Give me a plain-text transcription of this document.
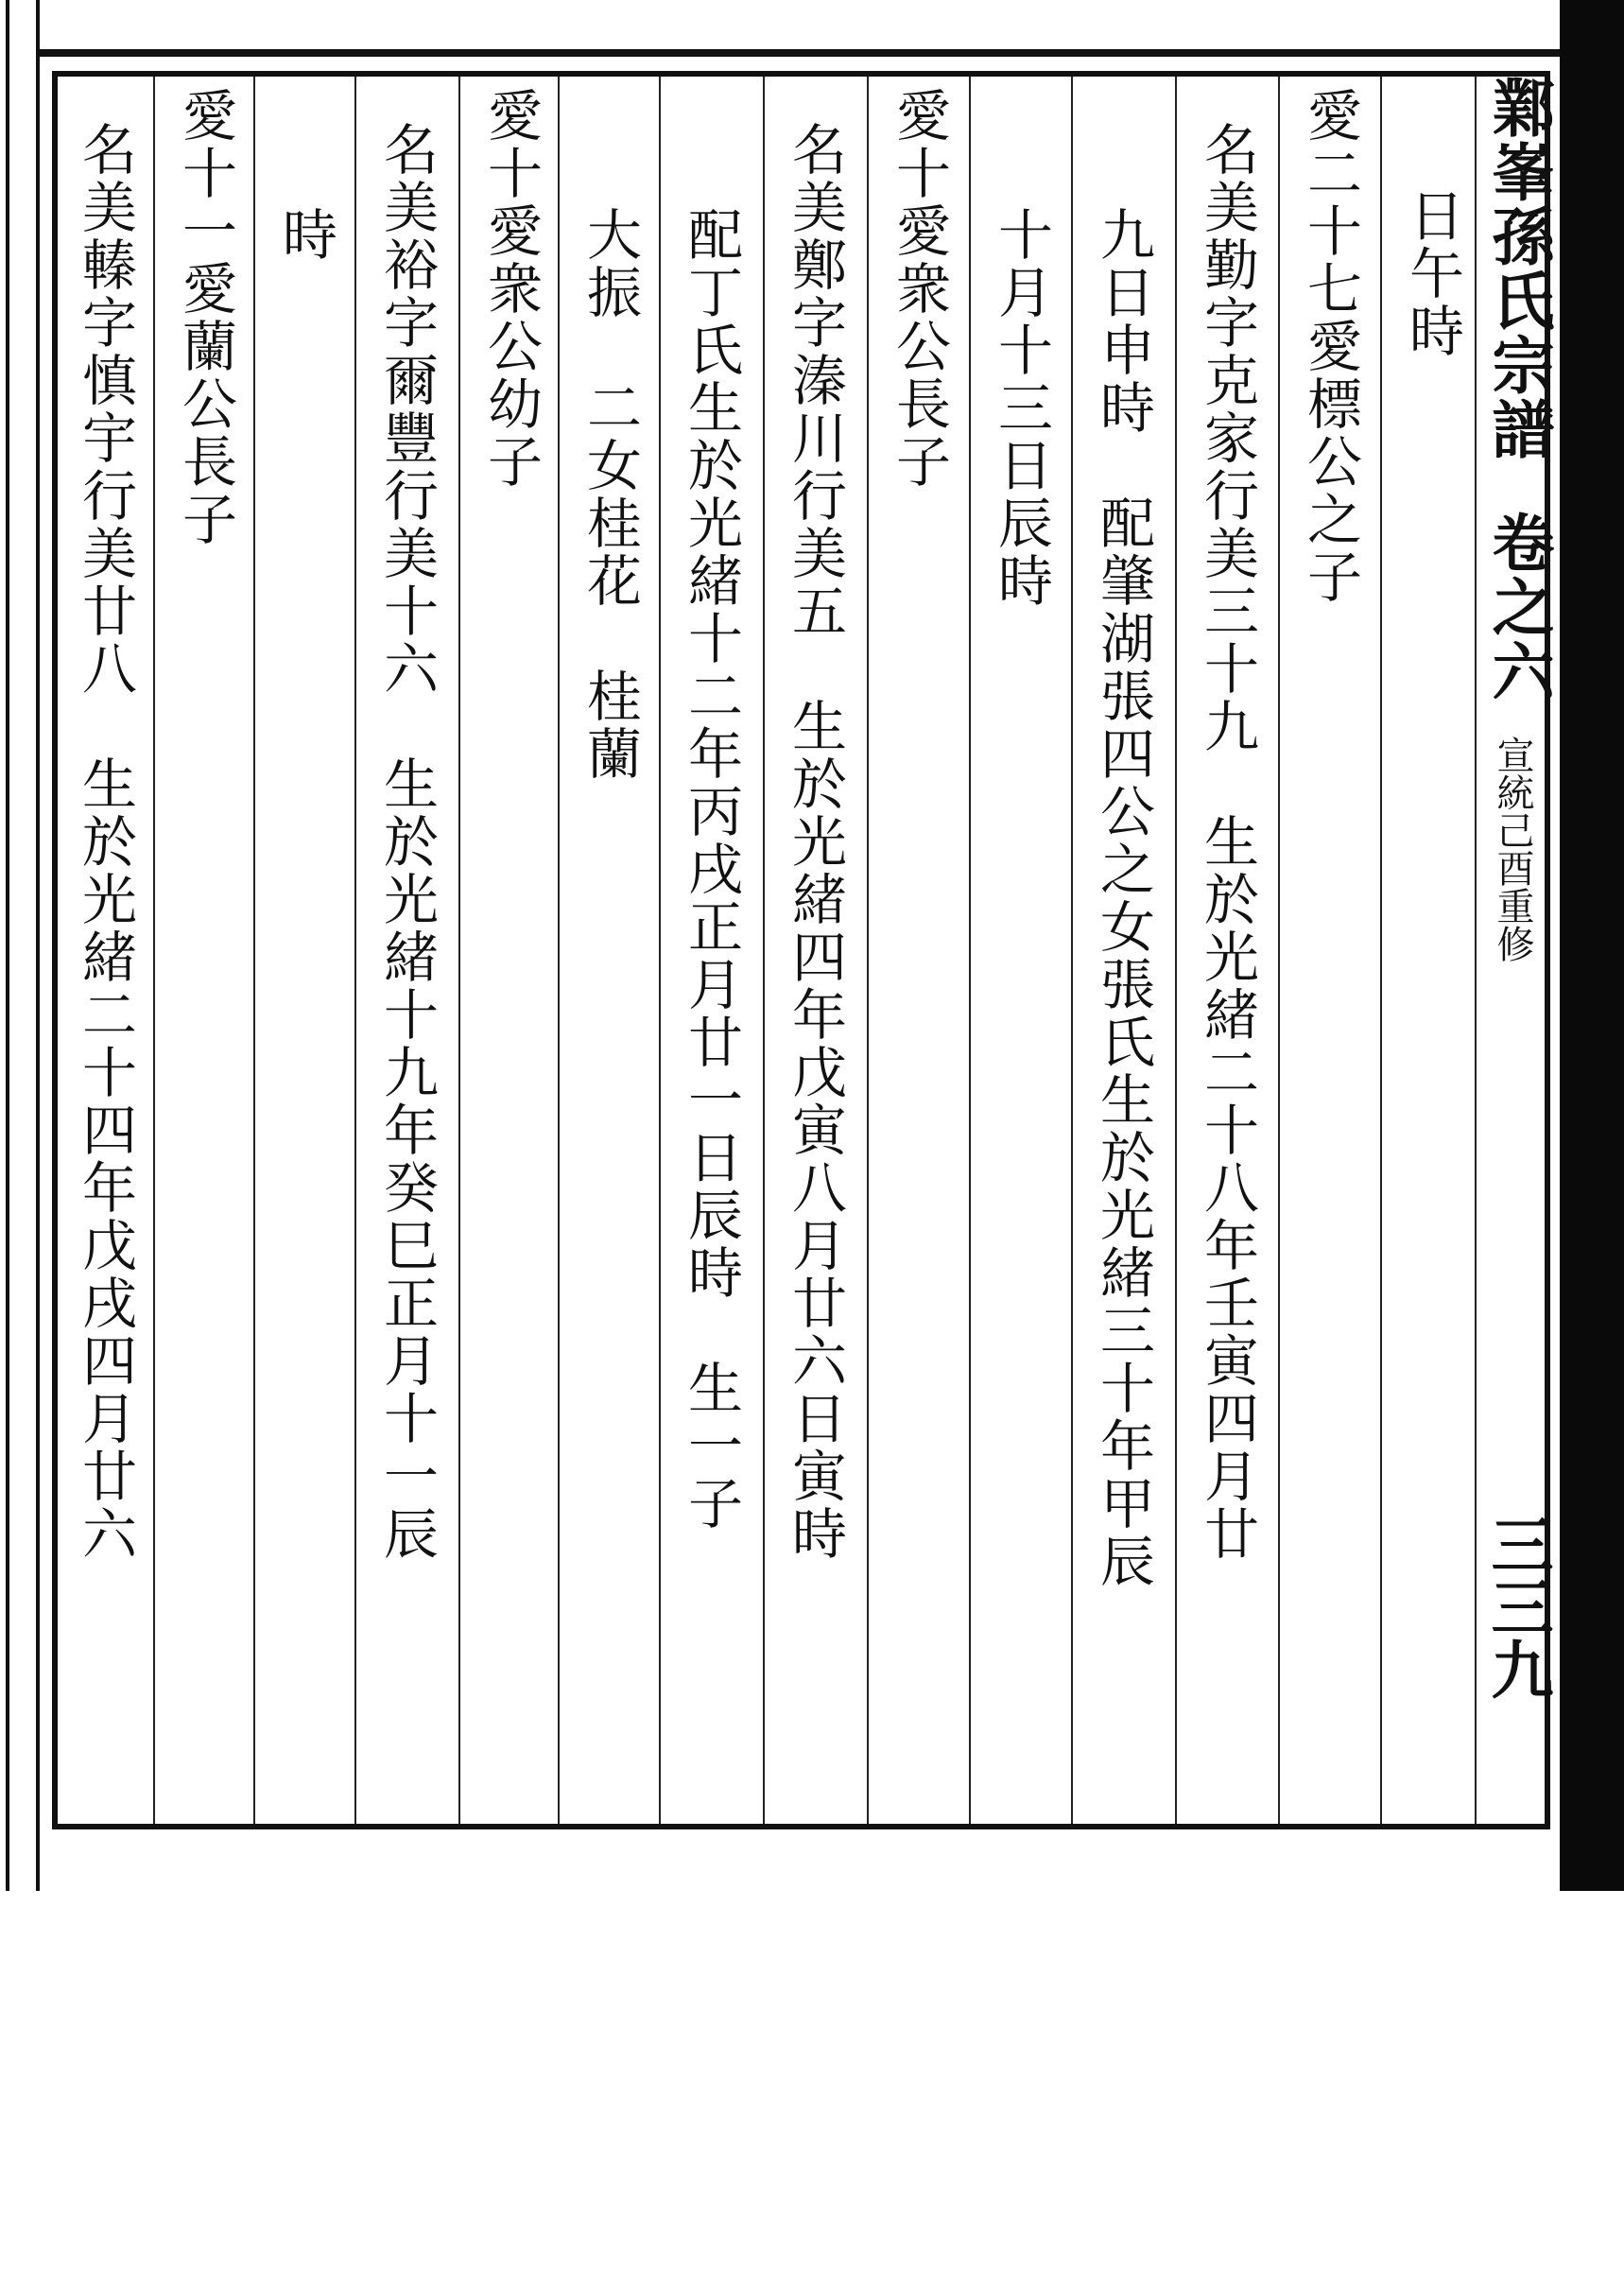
鄴峯孫氏宗譜
卷之六
宣統己酉重修
三三九
日午時
愛二十七愛標公之子
名美勤字克家行美三十九　生於光緒二十八年壬寅四月廿
九日申時　配肇湖張四公之女張氏生於光緒三十年甲辰
十月十三日辰時
愛十愛衆公長子
名美鄭字溱川行美五　生於光緒四年戊寅八月廿六日寅時
配丁氏生於光緒十二年丙戌正月廿一日辰時　生一子
大振　二女桂花　桂蘭
愛十愛衆公幼子
名美裕字爾豐行美十六　生於光緒十九年癸巳正月十一辰
時
愛十一愛蘭公長子
名美轃字慎宇行美廿八　生於光緒二十四年戊戌四月廿六
